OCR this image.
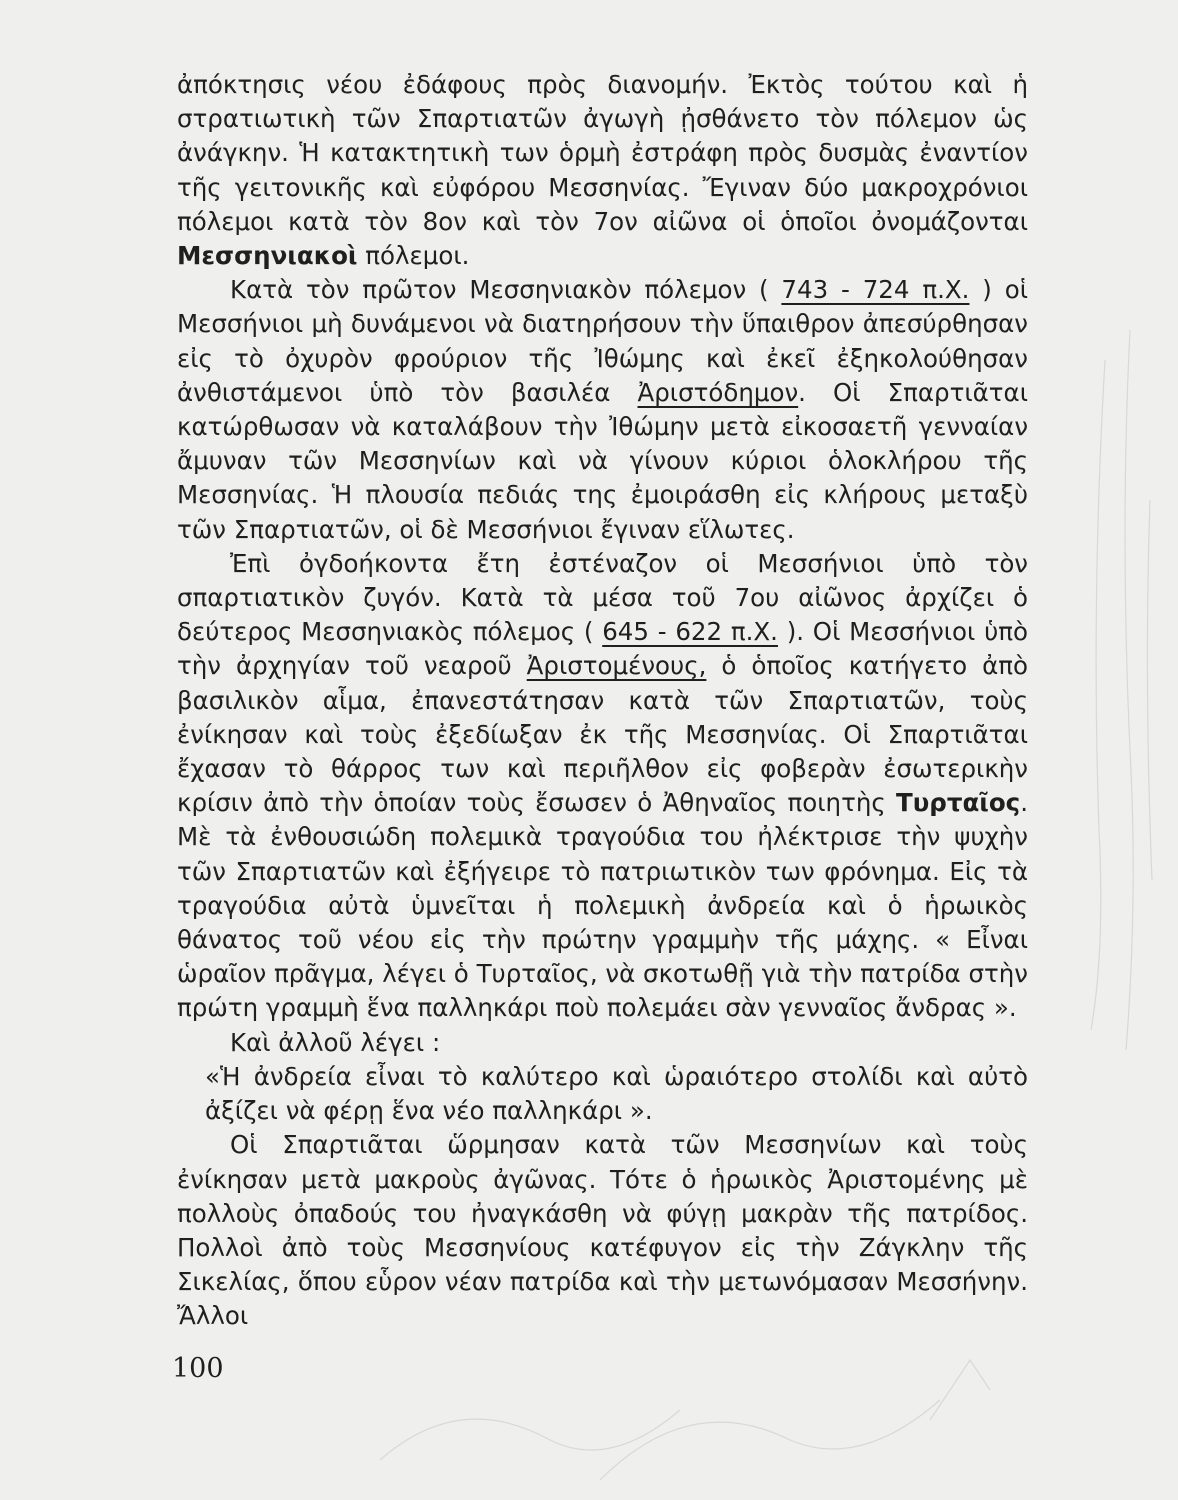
ἀπόκτησις νέου ἐδάφους πρὸς διανομήν. Ἐκτὸς τούτου καὶ ἡ στρατιωτικὴ τῶν Σπαρτιατῶν ἀγωγὴ ᾐσθάνετο τὸν πόλεμον ὡς ἀνάγκην. Ἡ κατακτητικὴ των ὁρμὴ ἐστράφη πρὸς δυσμὰς ἐναντίον τῆς γειτονικῆς καὶ εὐφόρου Μεσσηνίας. Ἔγιναν δύο μακροχρόνιοι πόλεμοι κατὰ τὸν 8ον καὶ τὸν 7ον αἰῶνα οἱ ὁποῖοι ὀνομάζονται Μεσσηνιακοὶ πόλεμοι.

Κατὰ τὸν πρῶτον Μεσσηνιακὸν πόλεμον ( 743 - 724 π.Χ. ) οἱ Μεσσήνιοι μὴ δυνάμενοι νὰ διατηρήσουν τὴν ὕπαιθρον ἀπεσύρθησαν εἰς τὸ ὀχυρὸν φρούριον τῆς Ἰθώμης καὶ ἐκεῖ ἐξηκολούθησαν ἀνθιστάμενοι ὑπὸ τὸν βασιλέα Ἀριστόδημον. Οἱ Σπαρτιᾶται κατώρθωσαν νὰ καταλάβουν τὴν Ἰθώμην μετὰ εἰκοσαετῆ γενναίαν ἄμυναν τῶν Μεσσηνίων καὶ νὰ γίνουν κύριοι ὁλοκλήρου τῆς Μεσσηνίας. Ἡ πλουσία πεδιάς της ἐμοιράσθη εἰς κλήρους μεταξὺ τῶν Σπαρτιατῶν, οἱ δὲ Μεσσήνιοι ἔγιναν εἵλωτες.

Ἐπὶ ὀγδοήκοντα ἔτη ἐστέναζον οἱ Μεσσήνιοι ὑπὸ τὸν σπαρτιατικὸν ζυγόν. Κατὰ τὰ μέσα τοῦ 7ου αἰῶνος ἀρχίζει ὁ δεύτερος Μεσσηνιακὸς πόλεμος ( 645 - 622 π.Χ. ). Οἱ Μεσσήνιοι ὑπὸ τὴν ἀρχηγίαν τοῦ νεαροῦ Ἀριστομένους, ὁ ὁποῖος κατήγετο ἀπὸ βασιλικὸν αἷμα, ἐπανεστάτησαν κατὰ τῶν Σπαρτιατῶν, τοὺς ἐνίκησαν καὶ τοὺς ἐξεδίωξαν ἐκ τῆς Μεσσηνίας. Οἱ Σπαρτιᾶται ἔχασαν τὸ θάρρος των καὶ περιῆλθον εἰς φοβερὰν ἐσωτερικὴν κρίσιν ἀπὸ τὴν ὁποίαν τοὺς ἔσωσεν ὁ Ἀθηναῖος ποιητὴς Τυρταῖος. Μὲ τὰ ἐνθουσιώδη πολεμικὰ τραγούδια του ἠλέκτρισε τὴν ψυχὴν τῶν Σπαρτιατῶν καὶ ἐξήγειρε τὸ πατριωτικὸν των φρόνημα. Εἰς τὰ τραγούδια αὐτὰ ὑμνεῖται ἡ πολεμικὴ ἀνδρεία καὶ ὁ ἡρωικὸς θάνατος τοῦ νέου εἰς τὴν πρώτην γραμμὴν τῆς μάχης. « Εἶναι ὡραῖον πρᾶγμα, λέγει ὁ Τυρταῖος, νὰ σκοτωθῇ γιὰ τὴν πατρίδα στὴν πρώτη γραμμὴ ἕνα παλληκάρι ποὺ πολεμάει σὰν γενναῖος ἄνδρας ».

Καὶ ἀλλοῦ λέγει :

«Ἡ ἀνδρεία εἶναι τὸ καλύτερο καὶ ὡραιότερο στολίδι καὶ αὐτὸ ἀξίζει νὰ φέρῃ ἕνα νέο παλληκάρι ».

Οἱ Σπαρτιᾶται ὥρμησαν κατὰ τῶν Μεσσηνίων καὶ τοὺς ἐνίκησαν μετὰ μακροὺς ἀγῶνας. Τότε ὁ ἡρωικὸς Ἀριστομένης μὲ πολλοὺς ὀπαδούς του ἠναγκάσθη νὰ φύγῃ μακρὰν τῆς πατρίδος. Πολλοὶ ἀπὸ τοὺς Μεσσηνίους κατέφυγον εἰς τὴν Ζάγκλην τῆς Σικελίας, ὅπου εὗρον νέαν πατρίδα καὶ τὴν μετωνόμασαν Μεσσήνην. Ἄλλοι

100
